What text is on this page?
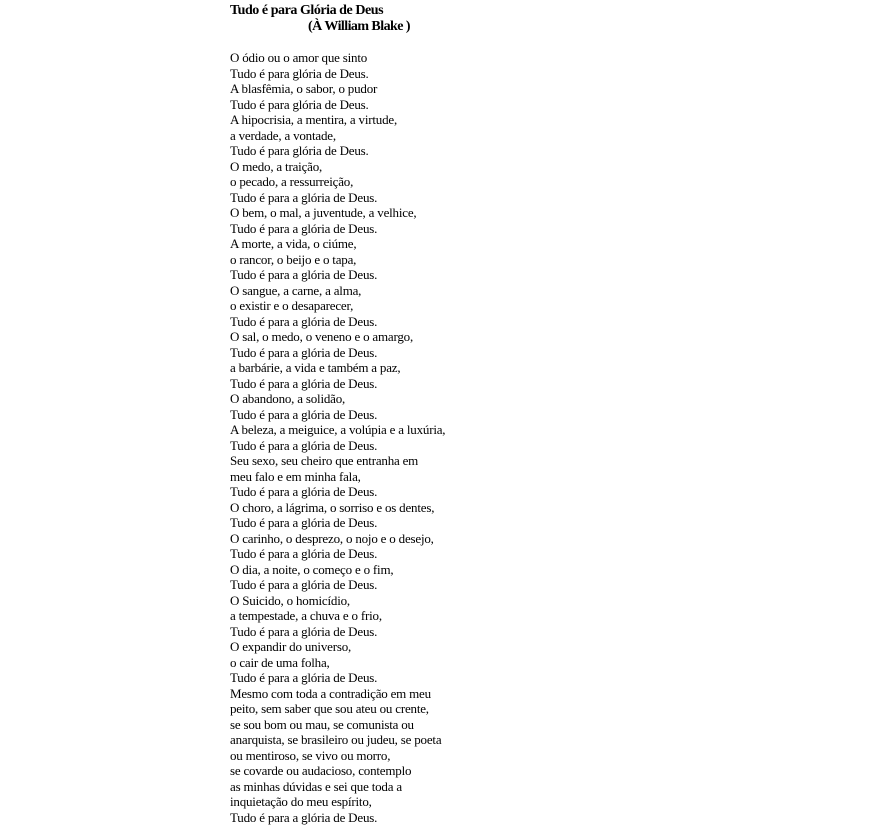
Tudo é para Glória de Deus
(À William Blake )
O ódio ou o amor que sinto
Tudo é para glória de Deus.
A blasfêmia, o sabor, o pudor
Tudo é para glória de Deus.
A hipocrisia, a mentira, a virtude,
a verdade, a vontade,
Tudo é para glória de Deus.
O medo, a traição,
o pecado, a ressurreição,
Tudo é para a glória de Deus.
O bem, o mal, a juventude, a velhice,
Tudo é para a glória de Deus.
A morte, a vida, o ciúme,
o rancor, o beijo e o tapa,
Tudo é para a glória de Deus.
O sangue, a carne, a alma,
o existir e o desaparecer,
Tudo é para a glória de Deus.
O sal, o medo, o veneno e o amargo,
Tudo é para a glória de Deus.
a barbárie, a vida e também a paz,
Tudo é para a glória de Deus.
O abandono, a solidão,
Tudo é para a glória de Deus.
A beleza, a meiguice, a volúpia e a luxúria,
Tudo é para a glória de Deus.
Seu sexo, seu cheiro que entranha em
meu falo e em minha fala,
Tudo é para a glória de Deus.
O choro, a lágrima, o sorriso e os dentes,
Tudo é para a glória de Deus.
O carinho, o desprezo, o nojo e o desejo,
Tudo é para a glória de Deus.
O dia, a noite, o começo e o fim,
Tudo é para a glória de Deus.
O Suicido, o homicídio,
a tempestade, a chuva e o frio,
Tudo é para a glória de Deus.
O expandir do universo,
o cair de uma folha,
Tudo é para a glória de Deus.
Mesmo com toda a contradição em meu
peito, sem saber que sou ateu ou crente,
se sou bom ou mau, se comunista ou
anarquista, se brasileiro ou judeu, se poeta
ou mentiroso, se vivo ou morro,
se covarde ou audacioso, contemplo
as minhas dúvidas e sei que toda a
inquietação do meu espírito,
Tudo é para a glória de Deus.
